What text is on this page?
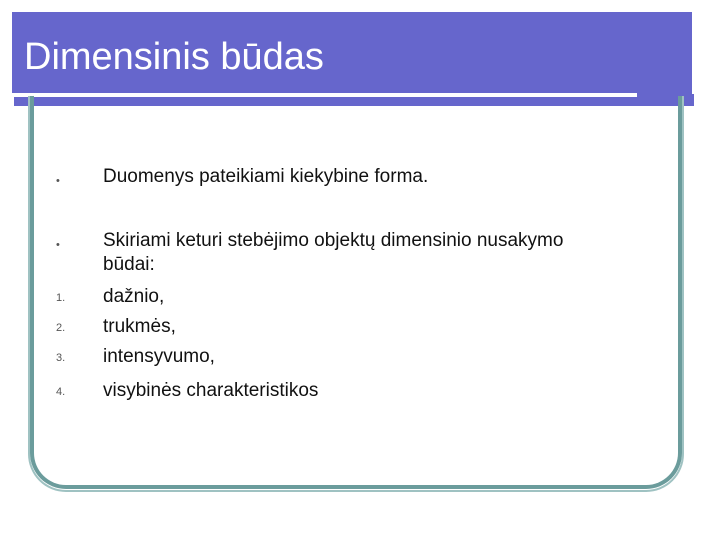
Dimensinis būdas
• Duomenys pateikiami kiekybine forma.
• Skiriami keturi stebėjimo objektų dimensinio nusakymo
būdai:
1. dažnio,
2. trukmės,
3. intensyvumo,
4. visybinės charakteristikos
